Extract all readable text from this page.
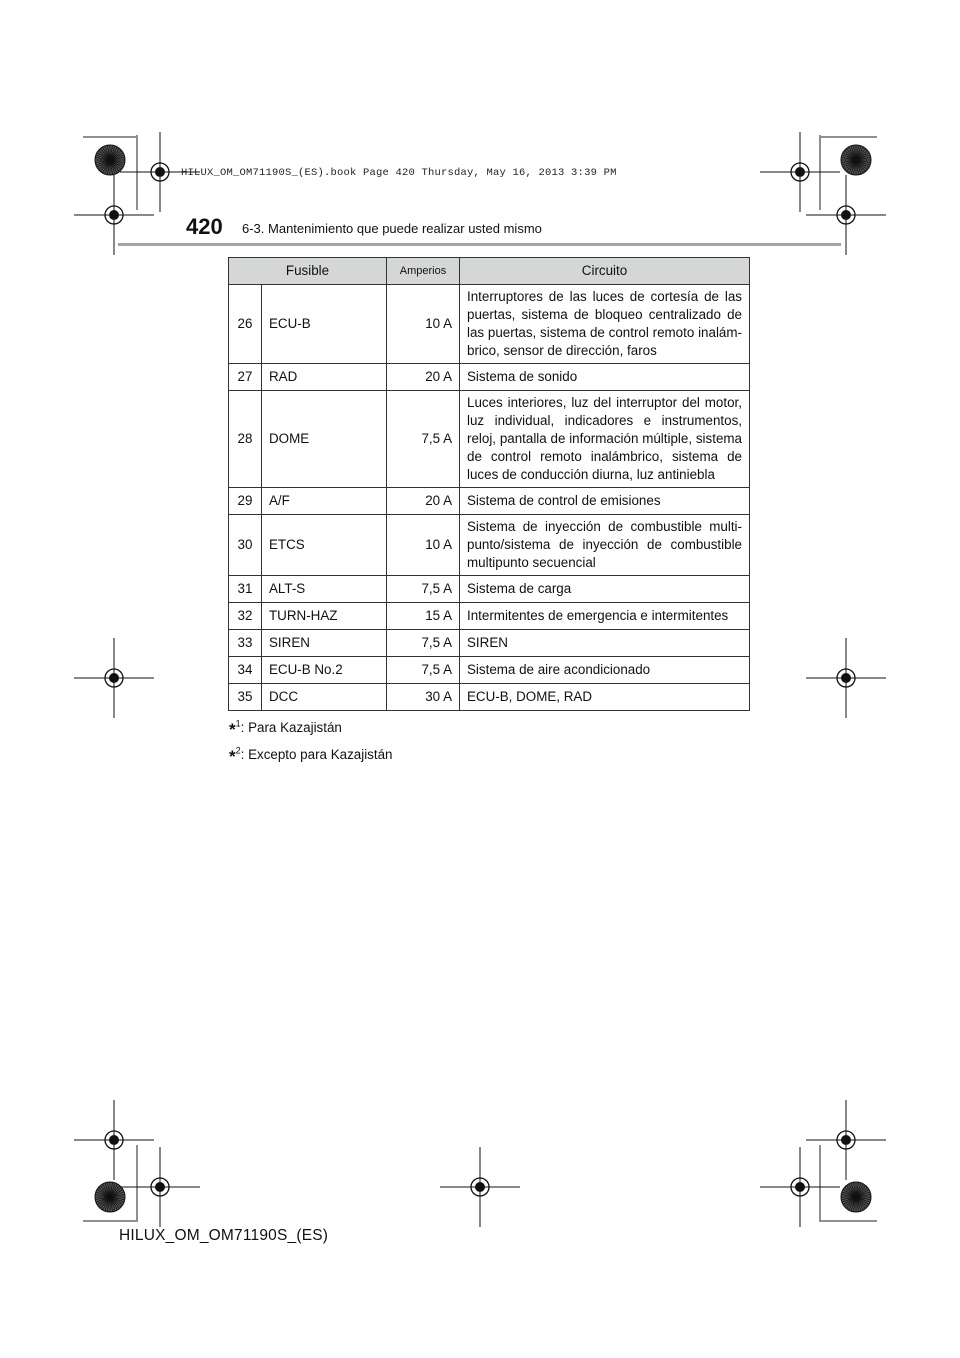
HILUX_OM_OM71190S_(ES).book Page 420 Thursday, May 16, 2013 3:39 PM
420 6-3. Mantenimiento que puede realizar usted mismo
Fusible		Amperios	Circuito
26	ECU-B	10 A	Interruptores de las luces de cortesía de las puertas, sistema de bloqueo centralizado de las puertas, sistema de control remoto inalám- brico, sensor de dirección, faros
27	RAD	20 A	Sistema de sonido
28	DOME	7,5 A	Luces interiores, luz del interruptor del motor, luz individual, indicadores e instrumentos, reloj, pantalla de información múltiple, sistema de control remoto inalámbrico, sistema de luces de conducción diurna, luz antiniebla
29	A/F	20 A	Sistema de control de emisiones
30	ETCS	10 A	Sistema de inyección de combustible multi- punto/sistema de inyección de combustible multipunto secuencial
31	ALT-S	7,5 A	Sistema de carga
32	TURN-HAZ	15 A	Intermitentes de emergencia e intermitentes
33	SIREN	7,5 A	SIREN
34	ECU-B No.2	7,5 A	Sistema de aire acondicionado
35	DCC	30 A	ECU-B, DOME, RAD
*$^1$: Para Kazajistán
*$^2$: Excepto para Kazajistán
HILUX_OM_OM71190S_(ES)
